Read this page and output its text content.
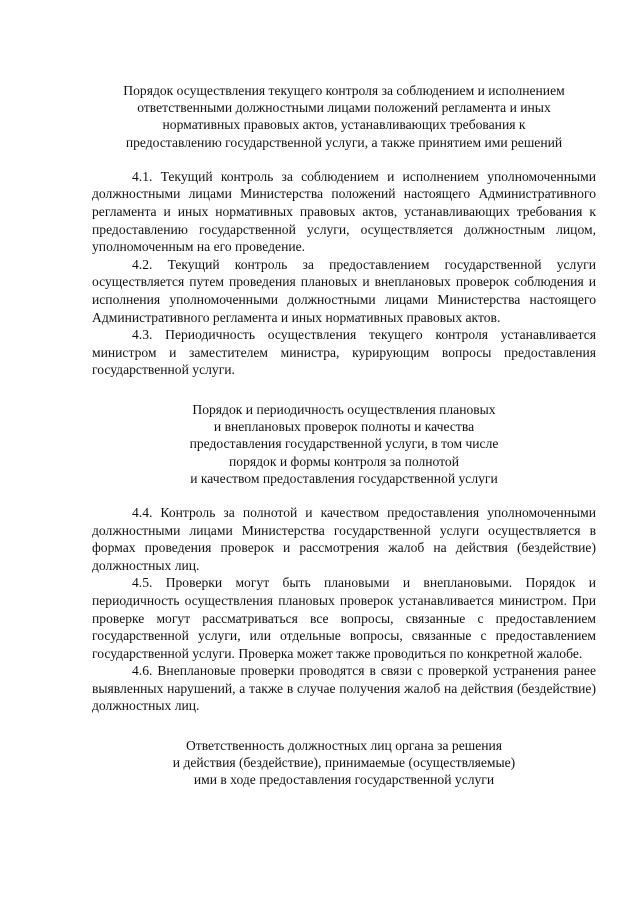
Порядок осуществления текущего контроля за соблюдением и исполнением
ответственными должностными лицами положений регламента и иных
нормативных правовых актов, устанавливающих требования к
предоставлению государственной услуги, а также принятием ими решений

4.1. Текущий контроль за соблюдением и исполнением уполномоченными должностными лицами Министерства положений настоящего Административного регламента и иных нормативных правовых актов, устанавливающих требования к предоставлению государственной услуги, осуществляется должностным лицом, уполномоченным на его проведение.

4.2. Текущий контроль за предоставлением государственной услуги осуществляется путем проведения плановых и внеплановых проверок соблюдения и исполнения уполномоченными должностными лицами Министерства настоящего Административного регламента и иных нормативных правовых актов.

4.3. Периодичность осуществления текущего контроля устанавливается министром и заместителем министра, курирующим вопросы предоставления государственной услуги.

Порядок и периодичность осуществления плановых
и внеплановых проверок полноты и качества
предоставления государственной услуги, в том числе
порядок и формы контроля за полнотой
и качеством предоставления государственной услуги

4.4. Контроль за полнотой и качеством предоставления уполномоченными должностными лицами Министерства государственной услуги осуществляется в формах проведения проверок и рассмотрения жалоб на действия (бездействие) должностных лиц.

4.5. Проверки могут быть плановыми и внеплановыми. Порядок и периодичность осуществления плановых проверок устанавливается министром. При проверке могут рассматриваться все вопросы, связанные с предоставлением государственной услуги, или отдельные вопросы, связанные с предоставлением государственной услуги. Проверка может также проводиться по конкретной жалобе.

4.6. Внеплановые проверки проводятся в связи с проверкой устранения ранее выявленных нарушений, а также в случае получения жалоб на действия (бездействие) должностных лиц.

Ответственность должностных лиц органа за решения
и действия (бездействие), принимаемые (осуществляемые)
ими в ходе предоставления государственной услуги
